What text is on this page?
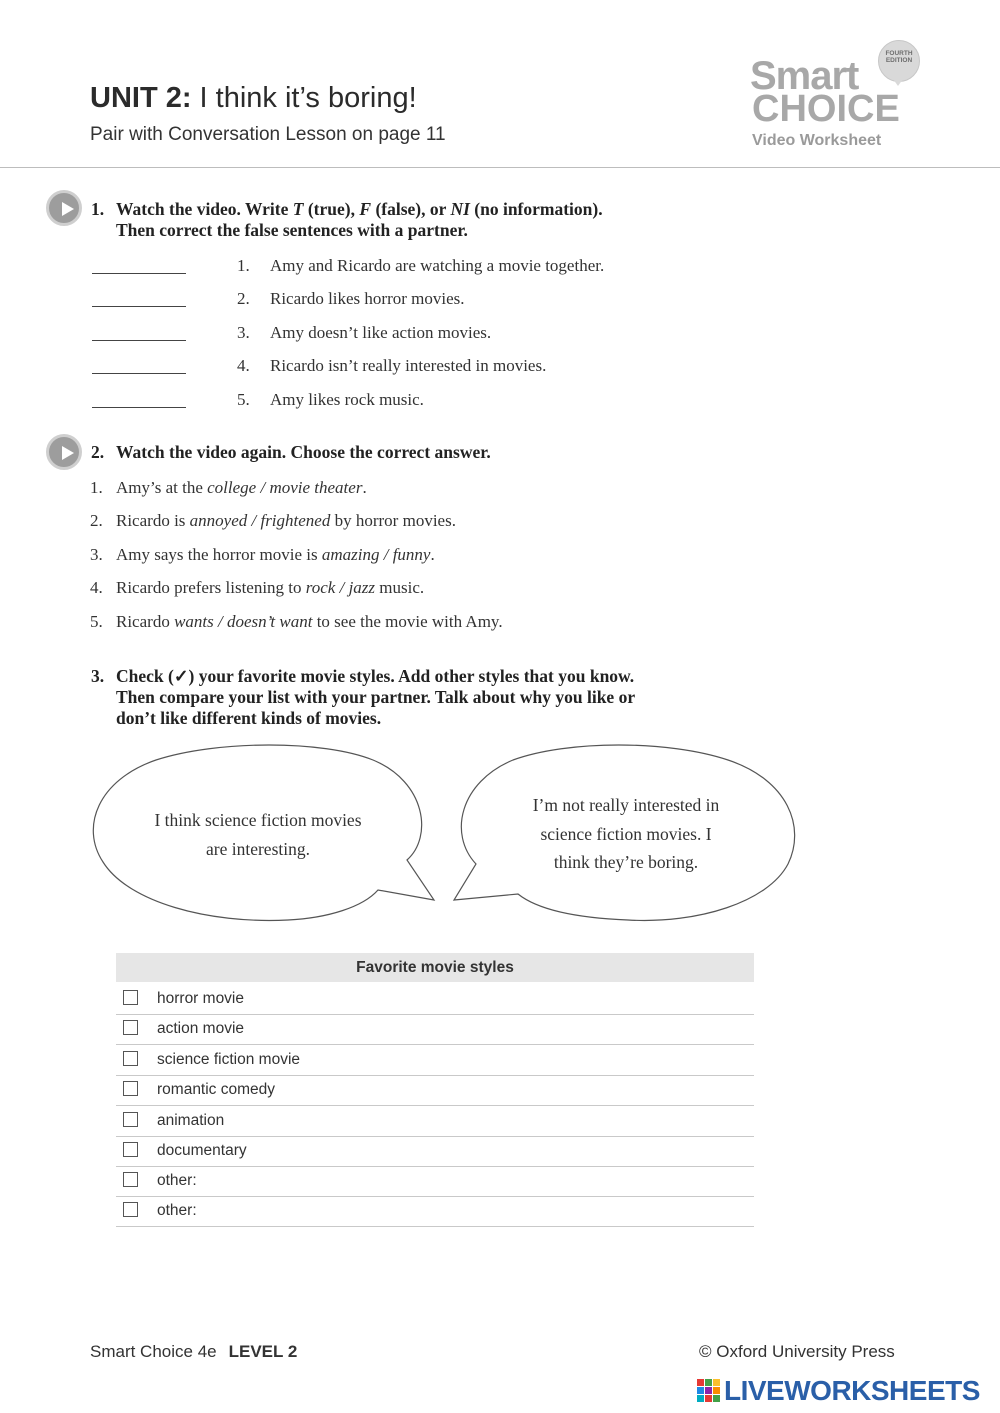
UNIT 2: I think it’s boring!
Pair with Conversation Lesson on page 11
Smart
CHOICE
FOURTH EDITION
Video Worksheet
1. Watch the video. Write T (true), F (false), or NI (no information).
Then correct the false sentences with a partner.
1. Amy and Ricardo are watching a movie together.
2. Ricardo likes horror movies.
3. Amy doesn’t like action movies.
4. Ricardo isn’t really interested in movies.
5. Amy likes rock music.
2. Watch the video again. Choose the correct answer.
1. Amy’s at the college / movie theater.
2. Ricardo is annoyed / frightened by horror movies.
3. Amy says the horror movie is amazing / funny.
4. Ricardo prefers listening to rock / jazz music.
5. Ricardo wants / doesn’t want to see the movie with Amy.
3. Check (✓) your favorite movie styles. Add other styles that you know.
Then compare your list with your partner. Talk about why you like or
don’t like different kinds of movies.
I think science fiction movies
are interesting.
I’m not really interested in
science fiction movies. I
think they’re boring.
Favorite movie styles
horror movie
action movie
science fiction movie
romantic comedy
animation
documentary
other:
other:
Smart Choice 4e LEVEL 2	© Oxford University Press
LIVEWORKSHEETS
